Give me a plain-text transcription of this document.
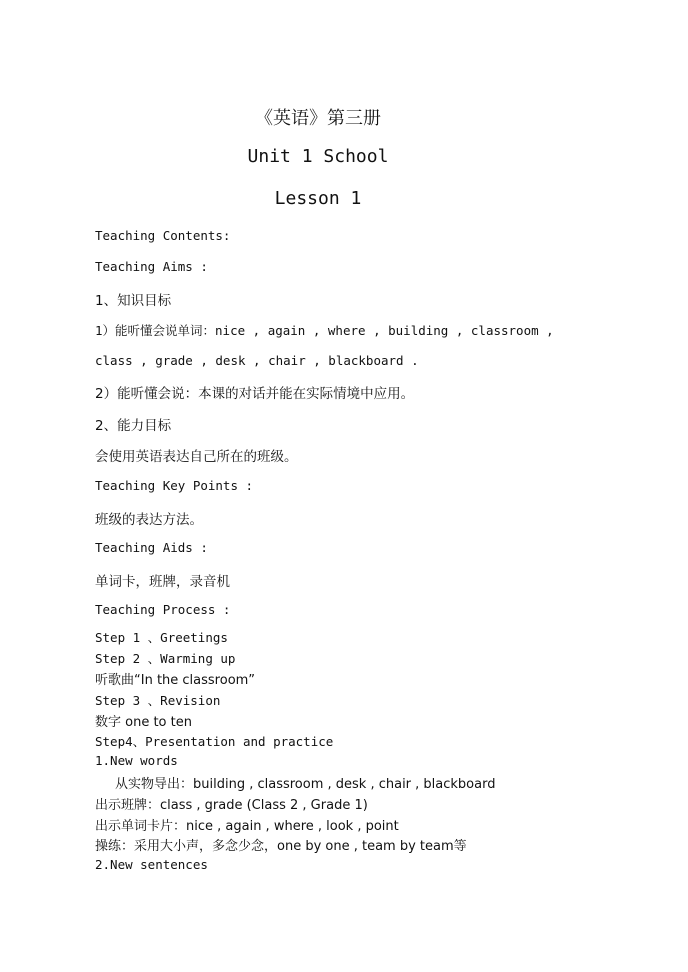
《英语》第三册
Unit 1 School
Lesson 1
Teaching Contents:
Teaching Aims :
1、知识目标
1）能听懂会说单词：nice , again , where , building , classroom ,
class , grade , desk , chair , blackboard .
2）能听懂会说：本课的对话并能在实际情境中应用。
2、能力目标
会使用英语表达自己所在的班级。
Teaching Key Points :
班级的表达方法。
Teaching Aids :
单词卡，班牌，录音机
Teaching Process :
Step 1 、Greetings
Step 2 、Warming up
听歌曲“In the classroom”
Step 3 、Revision
数字 one to ten
Step4、Presentation and practice
1.New words
从实物导出：building , classroom , desk , chair , blackboard
出示班牌：class , grade (Class 2 , Grade 1)
出示单词卡片：nice , again , where , look , point
操练：采用大小声，多念少念，one by one , team by team等
2.New sentences
